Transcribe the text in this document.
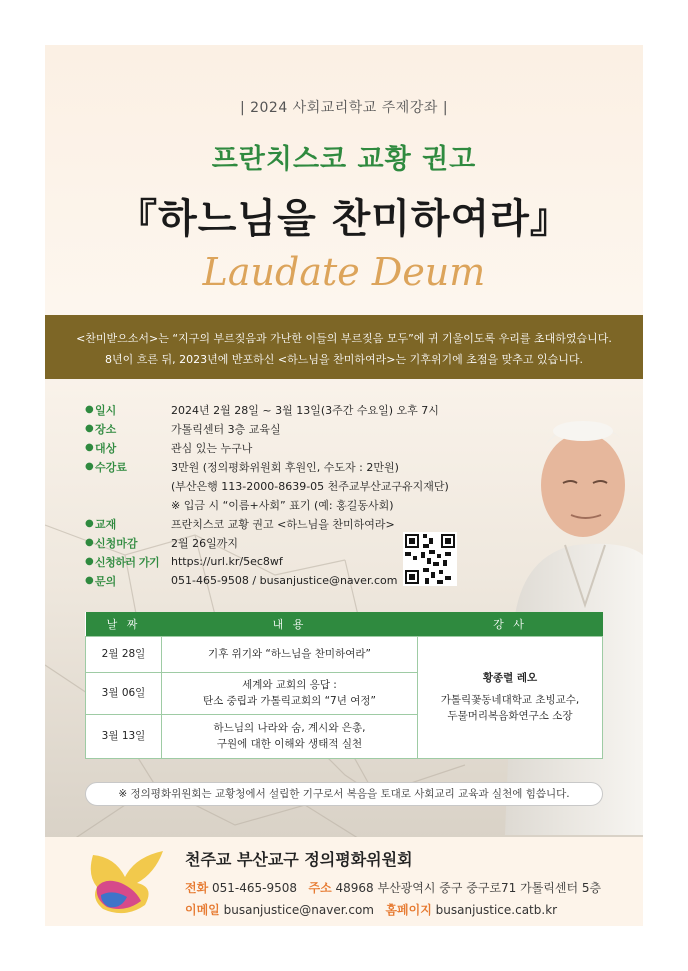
| 2024 사회교리학교 주제강좌 |
프란치스코 교황 권고
『하느님을 찬미하여라』
Laudate Deum
<찬미받으소서>는 “지구의 부르짖음과 가난한 이들의 부르짖음 모두”에 귀 기울이도록 우리를 초대하였습니다.
8년이 흐른 뒤, 2023년에 반포하신 <하느님을 찬미하여라>는 기후위기에 초점을 맞추고 있습니다.
● 일시	2024년 2월 28일 ~ 3월 13일(3주간 수요일) 오후 7시
● 장소	가톨릭센터 3층 교육실
● 대상	관심 있는 누구나
● 수강료	3만원 (정의평화위원회 후원인, 수도자 : 2만원)
(부산은행 113-2000-8639-05 천주교부산교구유지재단)
※ 입금 시 “이름+사회” 표기 (예: 홍길동사회)
● 교재	프란치스코 교황 권고 <하느님을 찬미하여라>
● 신청마감	2월 26일까지
● 신청하러 가기	https://url.kr/5ec8wf
● 문의	051-465-9508 / busanjustice@naver.com
날 짜	내 용	강 사
2월 28일	기후 위기와 “하느님을 찬미하여라”	황종렬 레오
가톨릭꽃동네대학교 초빙교수,
두물머리복음화연구소 소장

3월 06일	세계와 교회의 응답 :
탄소 중립과 가톨릭교회의 “7년 여정”	

3월 13일	하느님의 나라와 숨, 계시와 은총,
구원에 대한 이해와 생태적 실천	
※ 정의평화위원회는 교황청에서 설립한 기구로서 복음을 토대로 사회교리 교육과 실천에 힘씁니다.
천주교 부산교구 정의평화위원회
전화 051-465-9508 주소 48968 부산광역시 중구 중구로71 가톨릭센터 5층
이메일 busanjustice@naver.com 홈페이지 busanjustice.catb.kr
